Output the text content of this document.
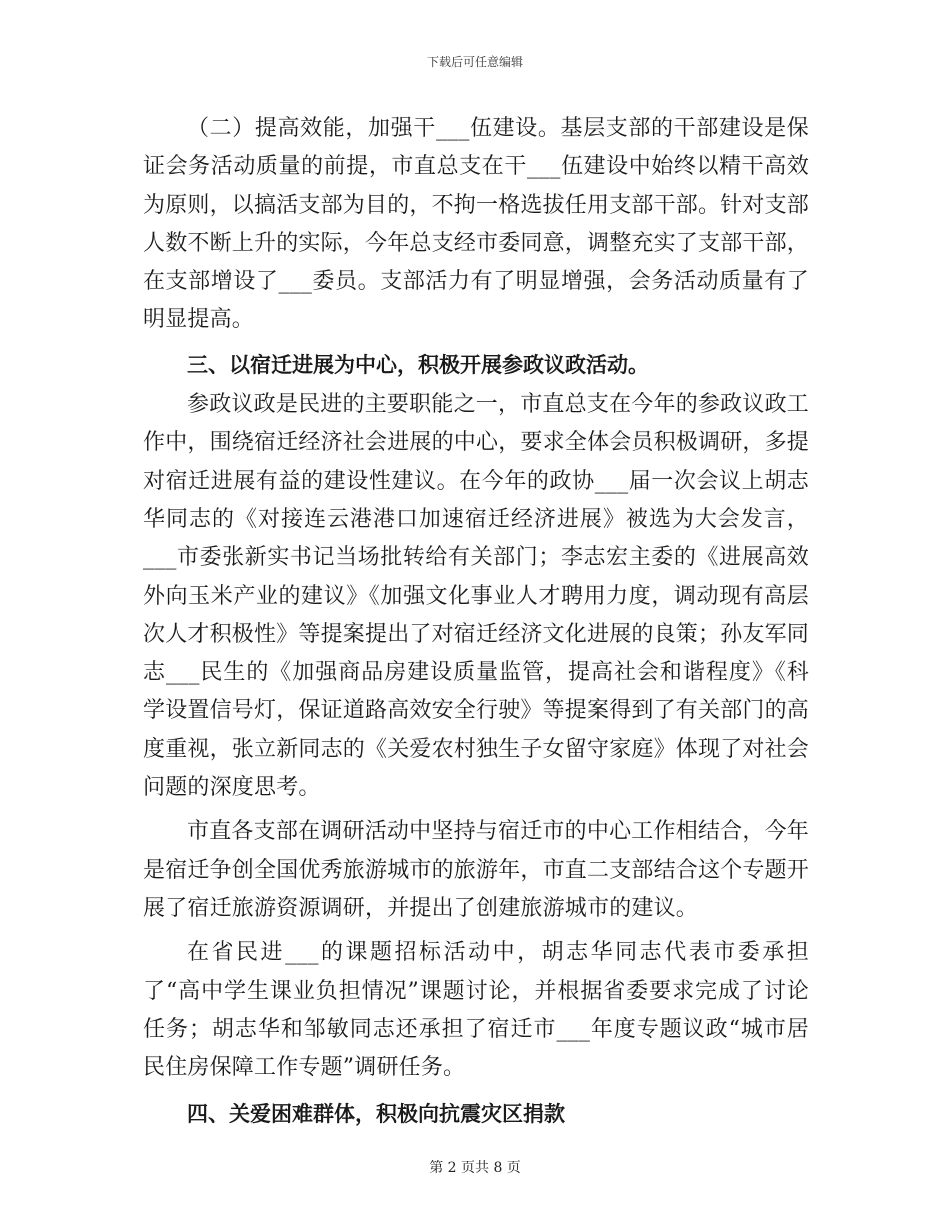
下载后可任意编辑

（二）提高效能，加强干___伍建设。基层支部的干部建设是保证会务活动质量的前提，市直总支在干___伍建设中始终以精干高效为原则，以搞活支部为目的，不拘一格选拔任用支部干部。针对支部人数不断上升的实际，今年总支经市委同意，调整充实了支部干部，在支部增设了___委员。支部活力有了明显增强，会务活动质量有了明显提高。

三、以宿迁进展为中心，积极开展参政议政活动。

参政议政是民进的主要职能之一，市直总支在今年的参政议政工作中，围绕宿迁经济社会进展的中心，要求全体会员积极调研，多提对宿迁进展有益的建设性建议。在今年的政协___届一次会议上胡志华同志的《对接连云港港口加速宿迁经济进展》被选为大会发言，___市委张新实书记当场批转给有关部门；李志宏主委的《进展高效外向玉米产业的建议》《加强文化事业人才聘用力度，调动现有高层次人才积极性》等提案提出了对宿迁经济文化进展的良策；孙友军同志___民生的《加强商品房建设质量监管，提高社会和谐程度》《科学设置信号灯，保证道路高效安全行驶》等提案得到了有关部门的高度重视，张立新同志的《关爱农村独生子女留守家庭》体现了对社会问题的深度思考。

市直各支部在调研活动中坚持与宿迁市的中心工作相结合，今年是宿迁争创全国优秀旅游城市的旅游年，市直二支部结合这个专题开展了宿迁旅游资源调研，并提出了创建旅游城市的建议。

在省民进___的课题招标活动中，胡志华同志代表市委承担了“高中学生课业负担情况”课题讨论，并根据省委要求完成了讨论任务；胡志华和邹敏同志还承担了宿迁市___年度专题议政“城市居民住房保障工作专题”调研任务。

四、关爱困难群体，积极向抗震灾区捐款

第 2 页共 8 页
